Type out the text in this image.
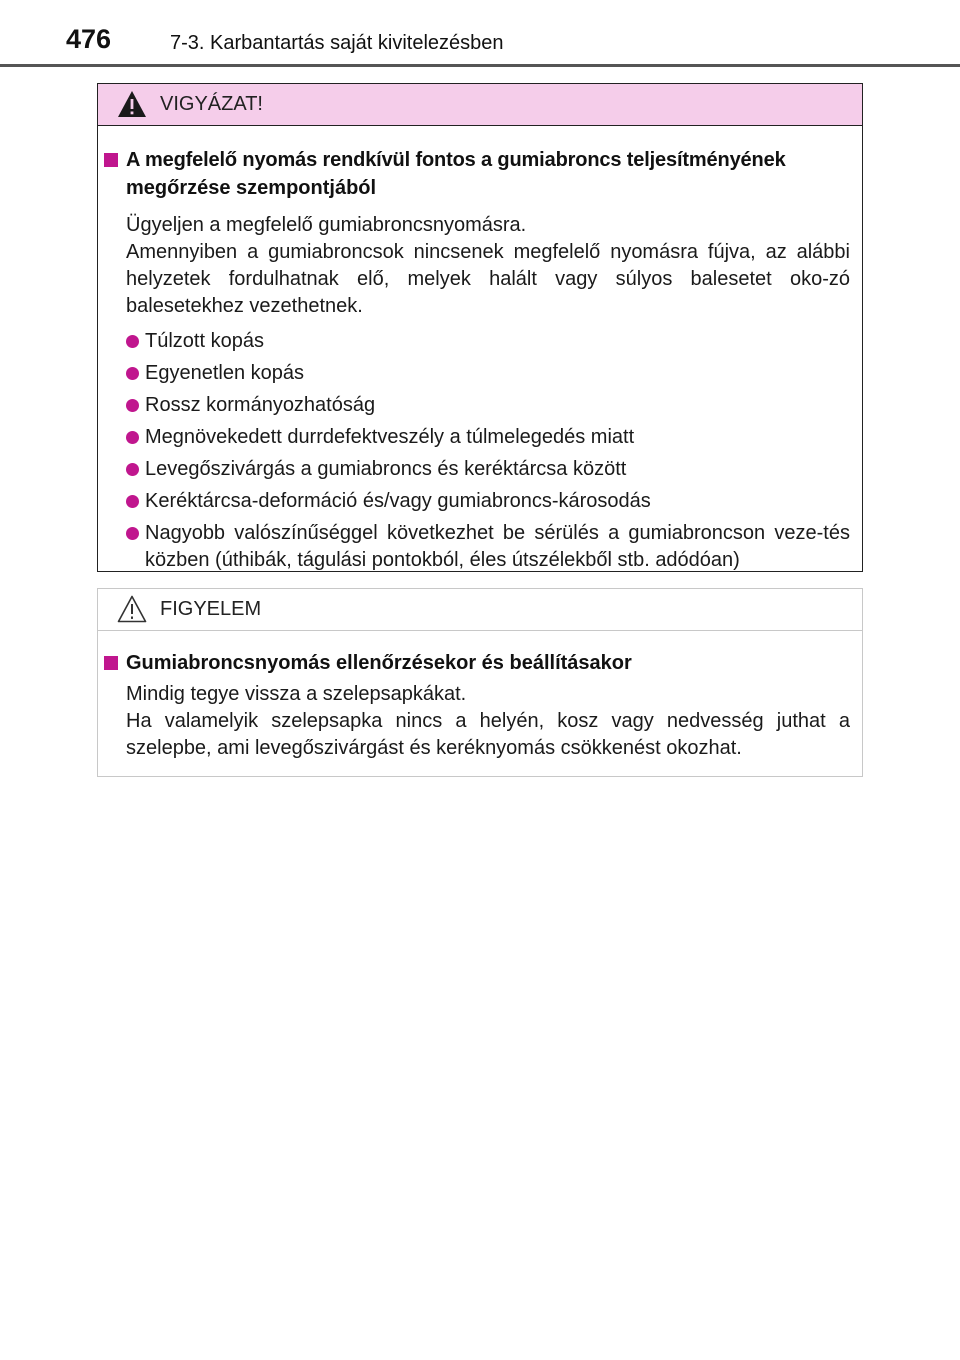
476	7-3. Karbantartás saját kivitelezésben
VIGYÁZAT!
A megfelelő nyomás rendkívül fontos a gumiabroncs teljesítményének
megőrzése szempontjából
Ügyeljen a megfelelő gumiabroncsnyomásra.
Amennyiben a gumiabroncsok nincsenek megfelelő nyomásra fújva, az alábbi helyzetek fordulhatnak elő, melyek halált vagy súlyos balesetet oko-zó balesetekhez vezethetnek.
Túlzott kopás
Egyenetlen kopás
Rossz kormányozhatóság
Megnövekedett durrdefektveszély a túlmelegedés miatt
Levegőszivárgás a gumiabroncs és keréktárcsa között
Keréktárcsa-deformáció és/vagy gumiabroncs-károsodás
Nagyobb valószínűséggel következhet be sérülés a gumiabroncson veze-tés közben (úthibák, tágulási pontokból, éles útszélekből stb. adódóan)
FIGYELEM
Gumiabroncsnyomás ellenőrzésekor és beállításakor
Mindig tegye vissza a szelepsapkákat.
Ha valamelyik szelepsapka nincs a helyén, kosz vagy nedvesség juthat a szelepbe, ami levegőszivárgást és keréknyomás csökkenést okozhat.
